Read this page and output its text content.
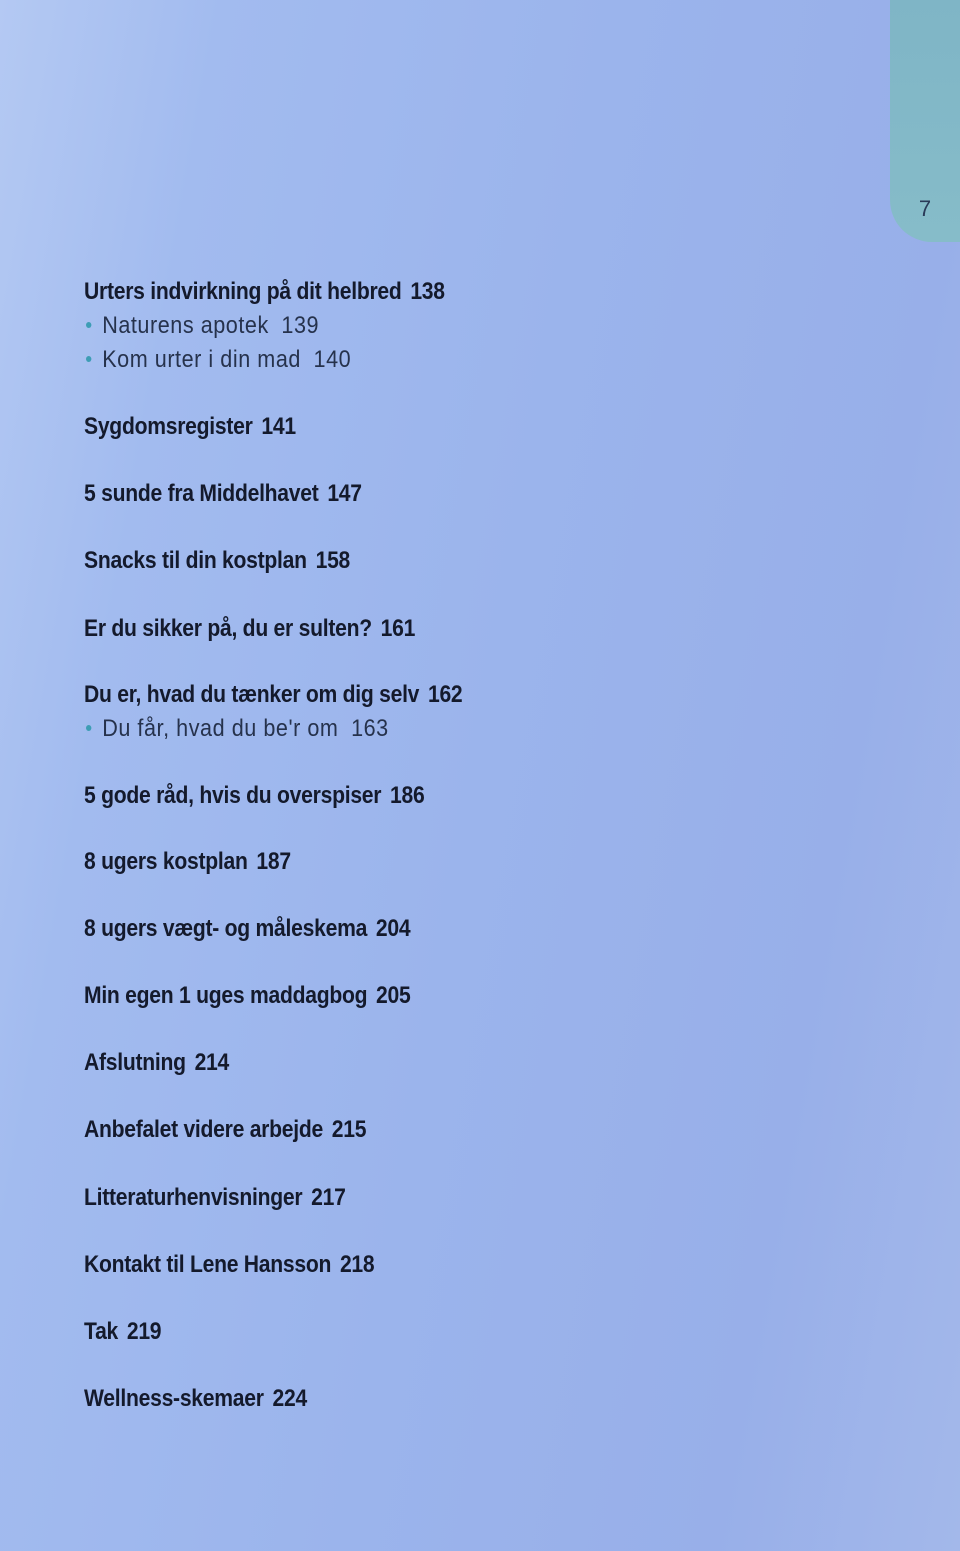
7
Urters indvirkning på dit helbred 138
Naturens apotek 139
Kom urter i din mad 140
Sygdomsregister 141
5 sunde fra Middelhavet 147
Snacks til din kostplan 158
Er du sikker på, du er sulten? 161
Du er, hvad du tænker om dig selv 162
Du får, hvad du be'r om 163
5 gode råd, hvis du overspiser 186
8 ugers kostplan 187
8 ugers vægt- og måleskema 204
Min egen 1 uges maddagbog 205
Afslutning 214
Anbefalet videre arbejde 215
Litteraturhenvisninger 217
Kontakt til Lene Hansson 218
Tak 219
Wellness-skemaer 224
